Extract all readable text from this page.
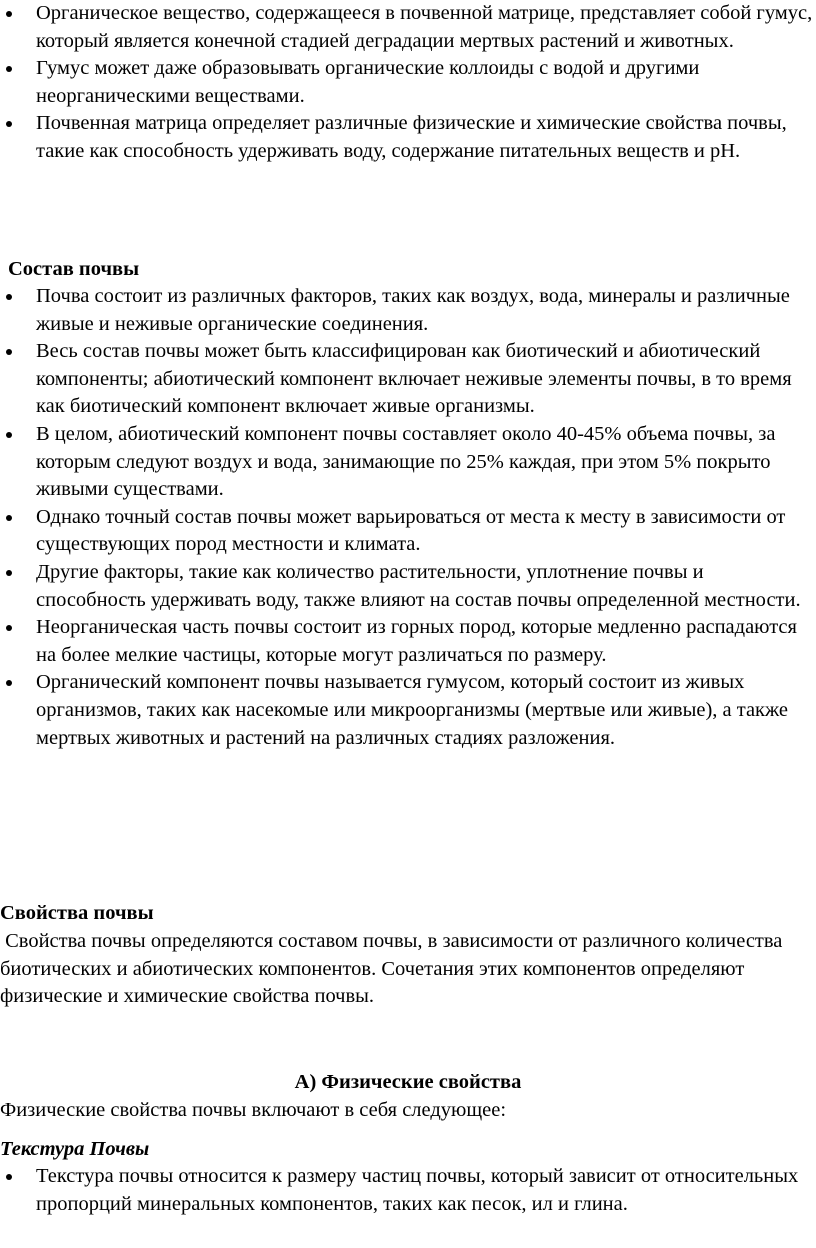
Органическое вещество, содержащееся в почвенной матрице, представляет собой гумус, который является конечной стадией деградации мертвых растений и животных.
Гумус может даже образовывать органические коллоиды с водой и другими неорганическими веществами.
Почвенная матрица определяет различные физические и химические свойства почвы, такие как способность удерживать воду, содержание питательных веществ и pH.

Состав почвы

Почва состоит из различных факторов, таких как воздух, вода, минералы и различные живые и неживые органические соединения.
Весь состав почвы может быть классифицирован как биотический и абиотический компоненты; абиотический компонент включает неживые элементы почвы, в то время как биотический компонент включает живые организмы.
В целом, абиотический компонент почвы составляет около 40-45% объема почвы, за которым следуют воздух и вода, занимающие по 25% каждая, при этом 5% покрыто живыми существами.
Однако точный состав почвы может варьироваться от места к месту в зависимости от существующих пород местности и климата.
Другие факторы, такие как количество растительности, уплотнение почвы и способность удерживать воду, также влияют на состав почвы определенной местности.
Неорганическая часть почвы состоит из горных пород, которые медленно распадаются на более мелкие частицы, которые могут различаться по размеру.
Органический компонент почвы называется гумусом, который состоит из живых организмов, таких как насекомые или микроорганизмы (мертвые или живые), а также мертвых животных и растений на различных стадиях разложения.

Свойства почвы

Свойства почвы определяются составом почвы, в зависимости от различного количества биотических и абиотических компонентов. Сочетания этих компонентов определяют физические и химические свойства почвы.

А) Физические свойства

Физические свойства почвы включают в себя следующее:

Текстура Почвы

Текстура почвы относится к размеру частиц почвы, который зависит от относительных пропорций минеральных компонентов, таких как песок, ил и глина.
